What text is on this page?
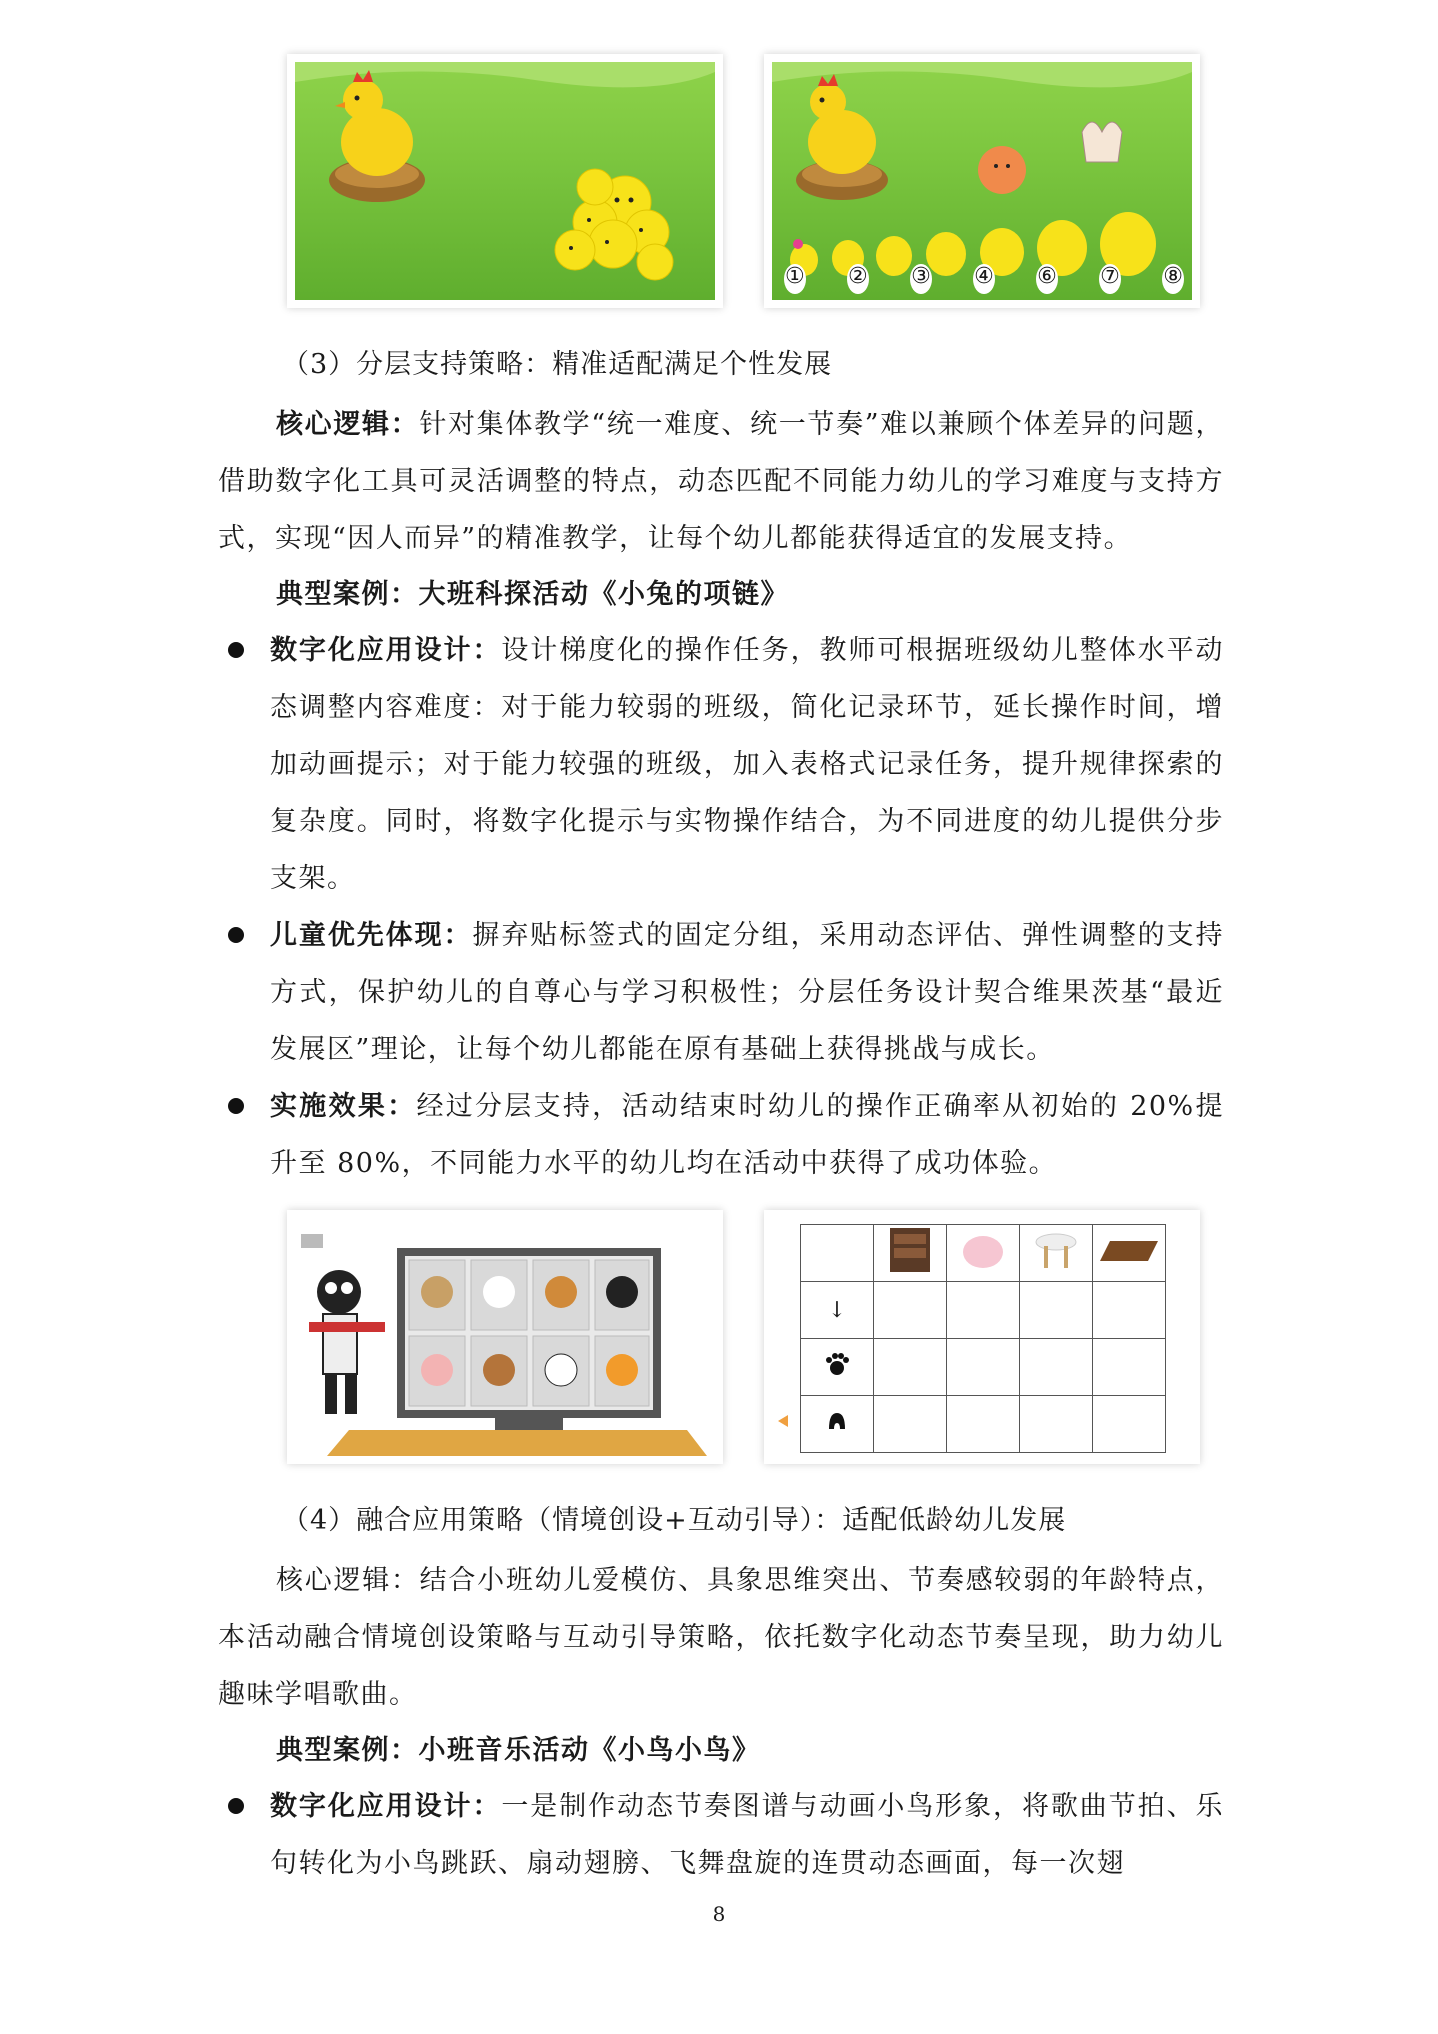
① ② ③ ④ ⑥ ⑦ ⑧
（3）分层支持策略：精准适配满足个性发展

核心逻辑：针对集体教学“统一难度、统一节奏”难以兼顾个体差异的问题，借助数字化工具可灵活调整的特点，动态匹配不同能力幼儿的学习难度与支持方式，实现“因人而异”的精准教学，让每个幼儿都能获得适宜的发展支持。

典型案例：大班科探活动《小兔的项链》
数字化应用设计：设计梯度化的操作任务，教师可根据班级幼儿整体水平动态调整内容难度：对于能力较弱的班级，简化记录环节，延长操作时间，增加动画提示；对于能力较强的班级，加入表格式记录任务，提升规律探索的复杂度。同时，将数字化提示与实物操作结合，为不同进度的幼儿提供分步支架。
儿童优先体现：摒弃贴标签式的固定分组，采用动态评估、弹性调整的支持方式，保护幼儿的自尊心与学习积极性；分层任务设计契合维果茨基“最近发展区”理论，让每个幼儿都能在原有基础上获得挑战与成长。
实施效果：经过分层支持，活动结束时幼儿的操作正确率从初始的 20%提升至 80%，不同能力水平的幼儿均在活动中获得了成功体验。

↓				

（4）融合应用策略（情境创设+互动引导）：适配低龄幼儿发展

核心逻辑：结合小班幼儿爱模仿、具象思维突出、节奏感较弱的年龄特点，本活动融合情境创设策略与互动引导策略，依托数字化动态节奏呈现，助力幼儿趣味学唱歌曲。

典型案例：小班音乐活动《小鸟小鸟》
数字化应用设计：一是制作动态节奏图谱与动画小鸟形象，将歌曲节拍、乐句转化为小鸟跳跃、扇动翅膀、飞舞盘旋的连贯动态画面，每一次翅
8
